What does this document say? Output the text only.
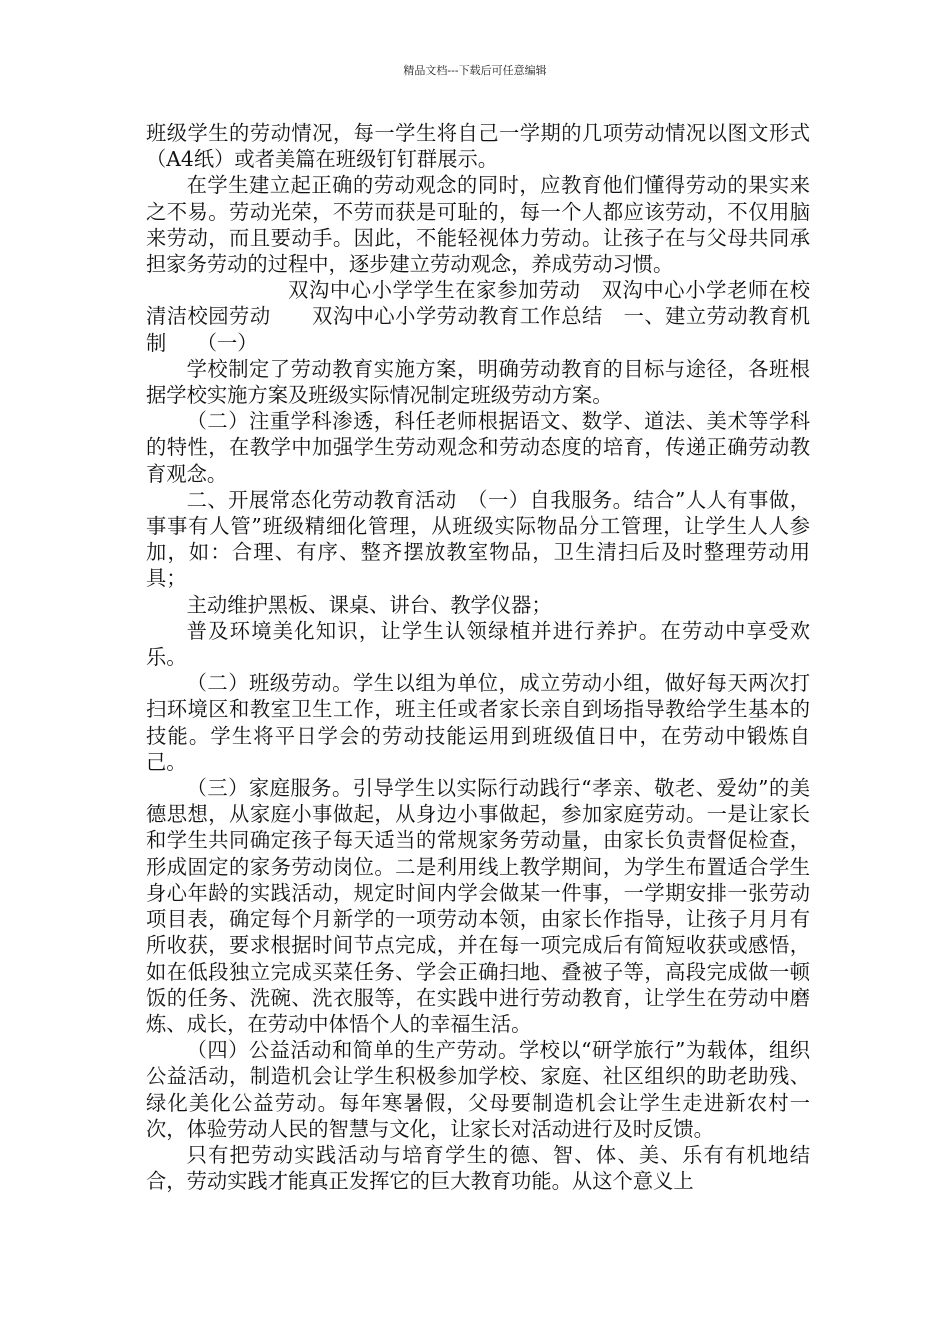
精品文档---下载后可任意编辑

班级学生的劳动情况，每一学生将自己一学期的几项劳动情况以图文形式（A4纸）或者美篇在班级钉钉群展示。

在学生建立起正确的劳动观念的同时，应教育他们懂得劳动的果实来之不易。劳动光荣，不劳而获是可耻的，每一个人都应该劳动，不仅用脑来劳动，而且要动手。因此，不能轻视体力劳动。让孩子在与父母共同承担家务劳动的过程中，逐步建立劳动观念，养成劳动习惯。

双沟中心小学学生在家参加劳动　双沟中心小学老师在校清洁校园劳动　　双沟中心小学劳动教育工作总结　一、建立劳动教育机制　　（一）

学校制定了劳动教育实施方案，明确劳动教育的目标与途径，各班根据学校实施方案及班级实际情况制定班级劳动方案。

（二）注重学科渗透，科任老师根据语文、数学、道法、美术等学科的特性，在教学中加强学生劳动观念和劳动态度的培育，传递正确劳动教育观念。

二、开展常态化劳动教育活动　（一）自我服务。结合”人人有事做，事事有人管”班级精细化管理，从班级实际物品分工管理，让学生人人参加，如：合理、有序、整齐摆放教室物品，卫生清扫后及时整理劳动用具；

主动维护黑板、课桌、讲台、教学仪器；

普及环境美化知识，让学生认领绿植并进行养护。在劳动中享受欢乐。

（二）班级劳动。学生以组为单位，成立劳动小组，做好每天两次打扫环境区和教室卫生工作，班主任或者家长亲自到场指导教给学生基本的技能。学生将平日学会的劳动技能运用到班级值日中，在劳动中锻炼自己。

（三）家庭服务。引导学生以实际行动践行“孝亲、敬老、爱幼”的美德思想，从家庭小事做起，从身边小事做起，参加家庭劳动。一是让家长和学生共同确定孩子每天适当的常规家务劳动量，由家长负责督促检查，形成固定的家务劳动岗位。二是利用线上教学期间，为学生布置适合学生身心年龄的实践活动，规定时间内学会做某一件事，一学期安排一张劳动项目表，确定每个月新学的一项劳动本领，由家长作指导，让孩子月月有所收获，要求根据时间节点完成，并在每一项完成后有简短收获或感悟，如在低段独立完成买菜任务、学会正确扫地、叠被子等，高段完成做一顿饭的任务、洗碗、洗衣服等，在实践中进行劳动教育，让学生在劳动中磨炼、成长，在劳动中体悟个人的幸福生活。

（四）公益活动和简单的生产劳动。学校以“研学旅行”为载体，组织公益活动，制造机会让学生积极参加学校、家庭、社区组织的助老助残、绿化美化公益劳动。每年寒暑假，父母要制造机会让学生走进新农村一次，体验劳动人民的智慧与文化，让家长对活动进行及时反馈。

只有把劳动实践活动与培育学生的德、智、体、美、乐有有机地结合，劳动实践才能真正发挥它的巨大教育功能。从这个意义上
